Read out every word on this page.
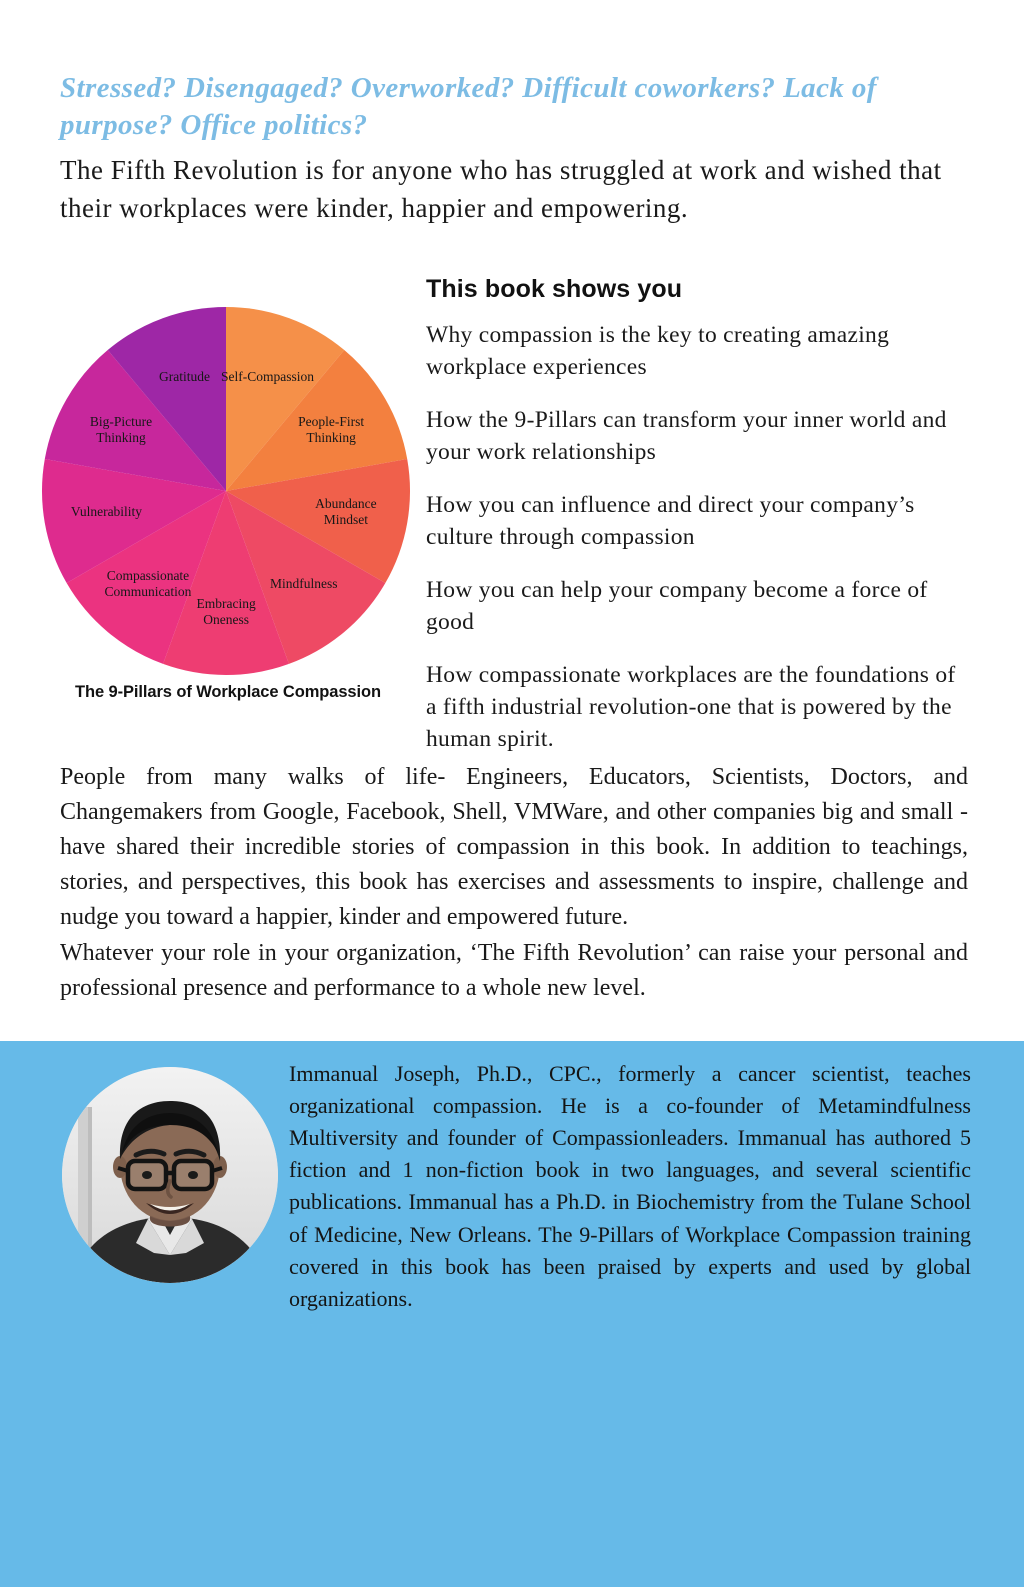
Stressed? Disengaged? Overworked? Difficult coworkers? Lack of purpose? Office politics?
The Fifth Revolution is for anyone who has struggled at work and wished that their workplaces were kinder, happier and empowering.
Self-Compassion
People-First
Thinking
Abundance
Mindset
Mindfulness
Embracing
Oneness
Compassionate
Communication
Vulnerability
Big-Picture
Thinking
Gratitude
The 9-Pillars of Workplace Compassion
This book shows you

Why compassion is the key to creating amazing workplace experiences

How the 9-Pillars can transform your inner world and your work relationships

How you can influence and direct your company’s culture through compassion

How you can help your company become a force of good

How compassionate workplaces are the foundations of a fifth industrial revolution-one that is powered by the human spirit.

People from many walks of life- Engineers, Educators, Scientists, Doctors, and Changemakers from Google, Facebook, Shell, VMWare, and other companies big and small - have shared their incredible stories of compassion in this book. In addition to teachings, stories, and perspectives, this book has exercises and assessments to inspire, challenge and nudge you toward a happier, kinder and empowered future.
Whatever your role in your organization, ‘The Fifth Revolution’ can raise your personal and professional presence and performance to a whole new level.
Immanual Joseph, Ph.D., CPC., formerly a cancer scientist, teaches organizational compassion. He is a co-founder of Metamindfulness Multiversity and founder of Compassionleaders. Immanual has authored 5 fiction and 1 non-fiction book in two languages, and several scientific publications. Immanual has a Ph.D. in Biochemistry from the Tulane School of Medicine, New Orleans. The 9-Pillars of Workplace Compassion training covered in this book has been praised by experts and used by global organizations.
